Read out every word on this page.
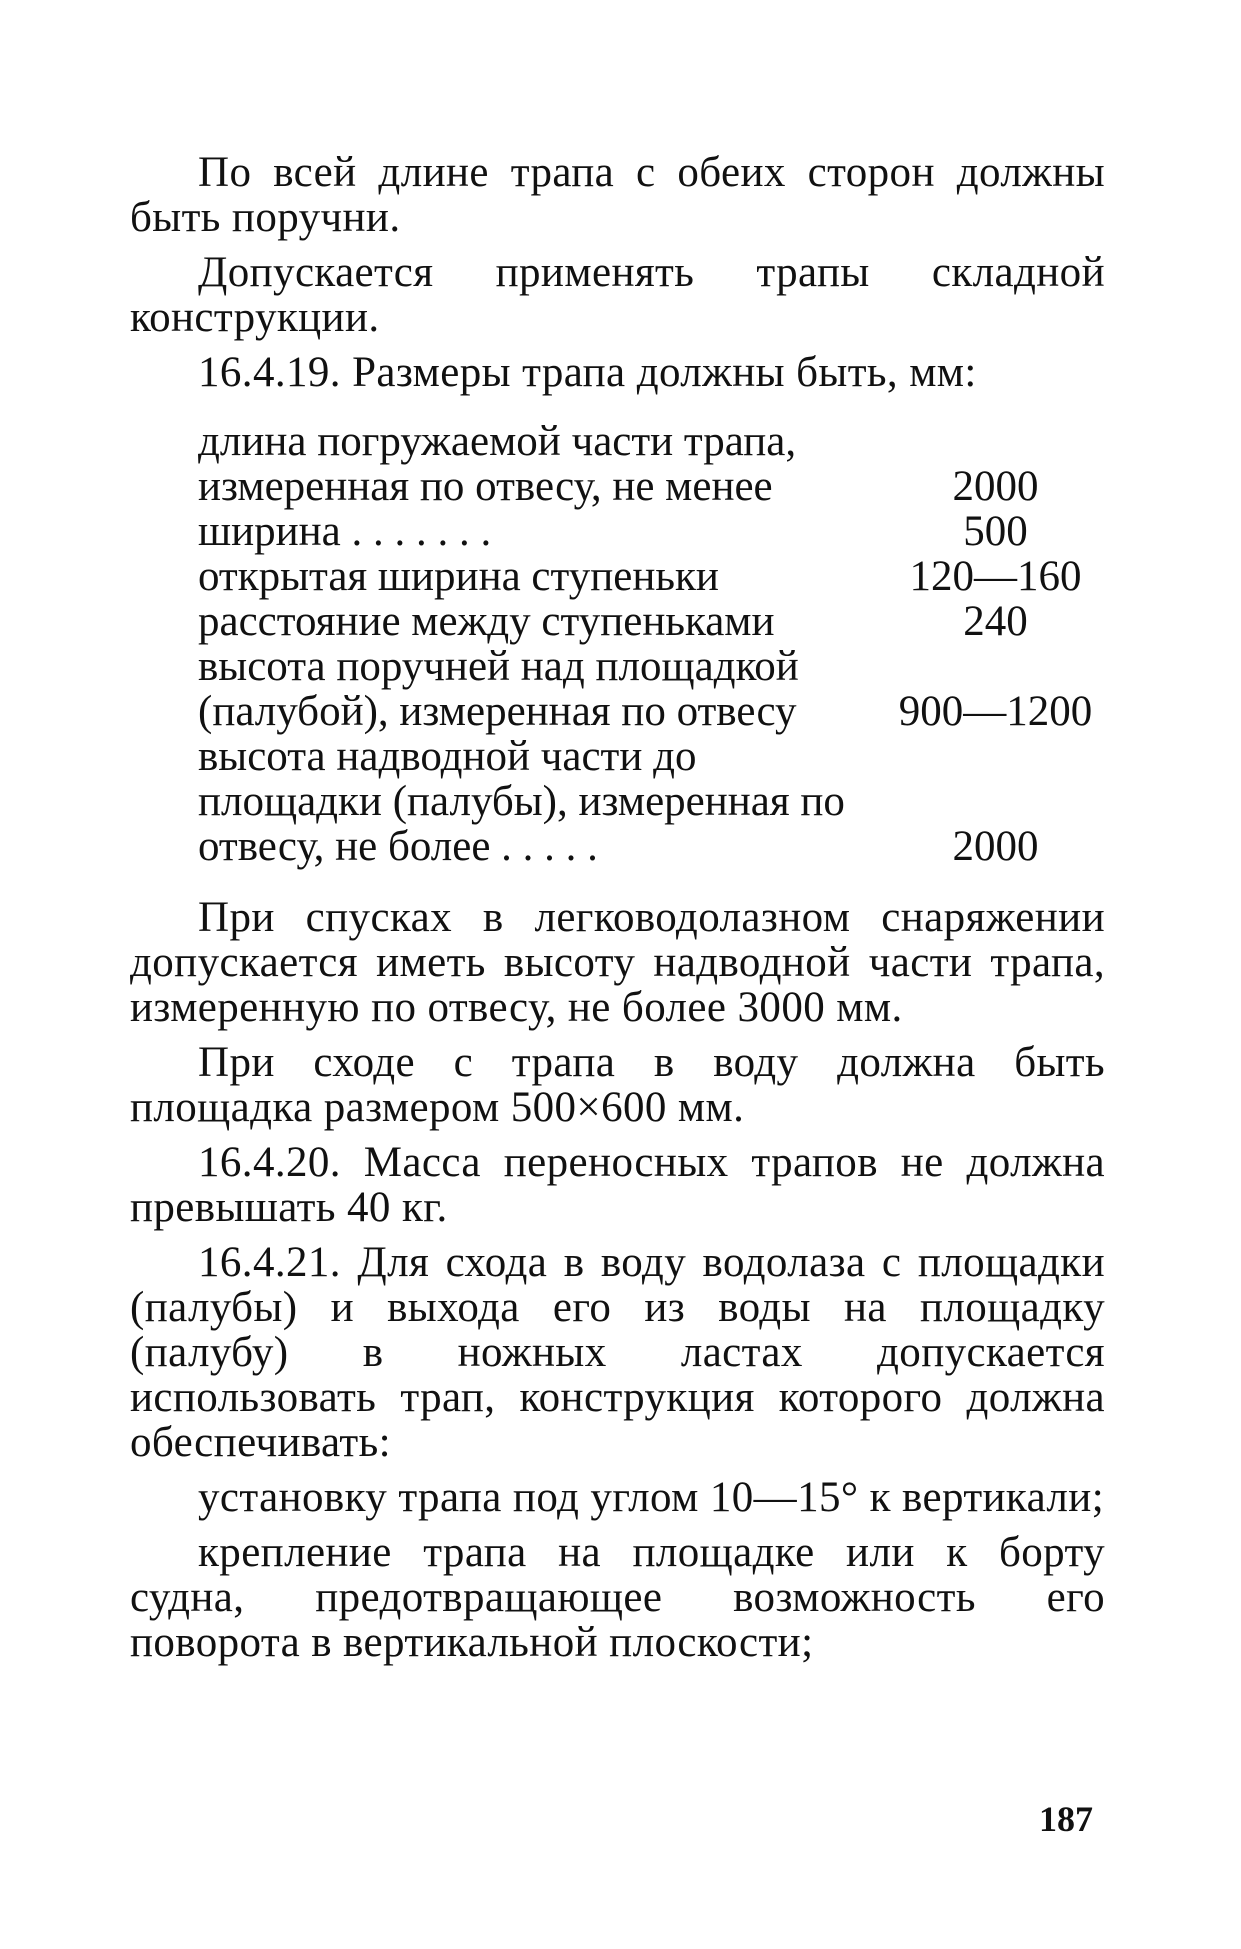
По всей длине трапа с обеих сторон должны быть поручни.

Допускается применять трапы складной конструкции.

16.4.19. Размеры трапа должны быть, мм:

длина погружаемой части трапа, измеренная по отвесу, не менее	2000
ширина . . . . . . .	500
открытая ширина ступеньки	120—160
расстояние между ступеньками	240
высота поручней над площадкой (палубой), измеренная по отвесу	900—1200
высота надводной части до площадки (палубы), измеренная по отвесу, не более . . . . .	2000

При спусках в легководолазном снаряжении допускается иметь высоту надводной части трапа, измеренную по отвесу, не более 3000 мм.

При сходе с трапа в воду должна быть площадка размером 500×600 мм.

16.4.20. Масса переносных трапов не должна превышать 40 кг.

16.4.21. Для схода в воду водолаза с площадки (палубы) и выхода его из воды на площадку (палубу) в ножных ластах допускается использовать трап, конструкция которого должна обеспечивать:

установку трапа под углом 10—15° к вертикали;

крепление трапа на площадке или к борту судна, предотвращающее возможность его поворота в вертикальной плоскости;

187
